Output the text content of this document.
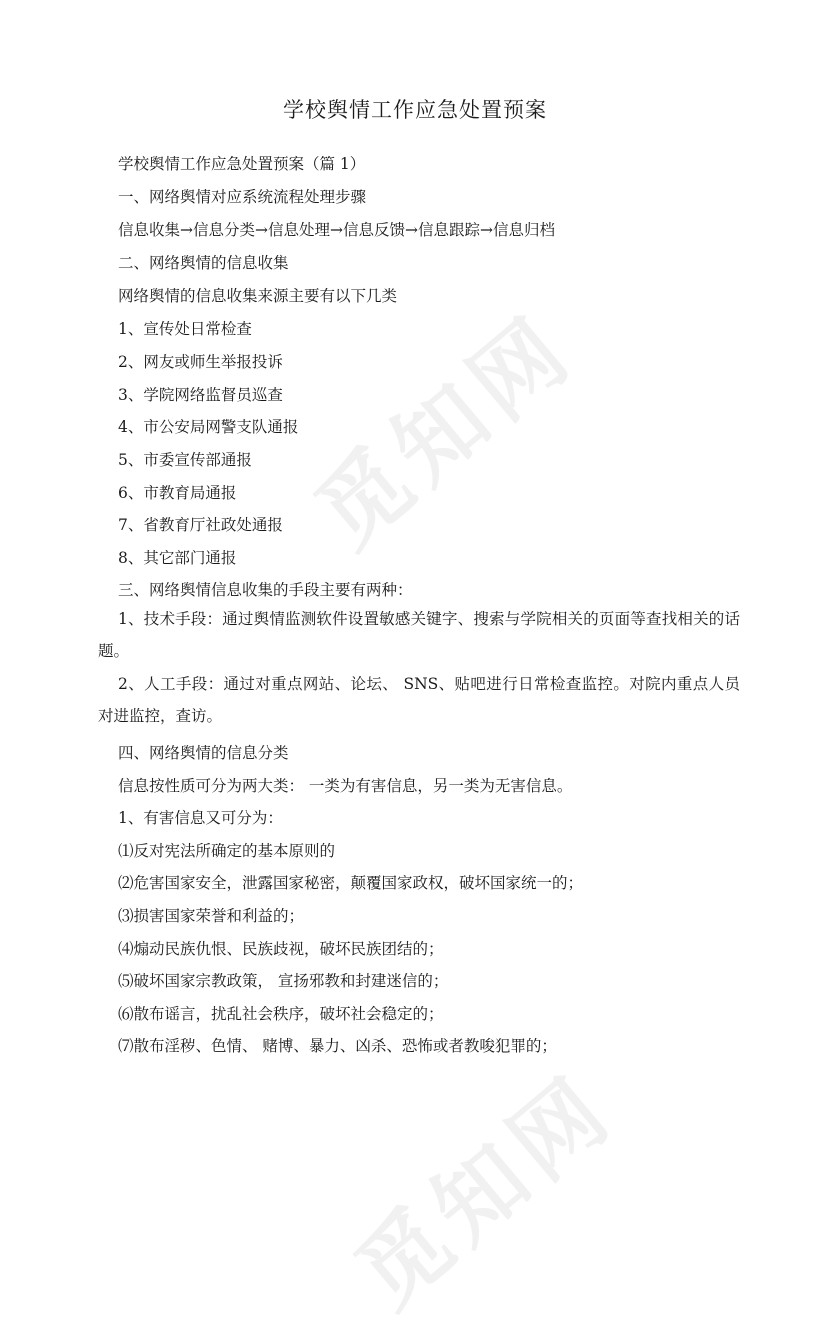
觅知网
觅知网
学校舆情工作应急处置预案
学校舆情工作应急处置预案（篇 1）
一、网络舆情对应系统流程处理步骤
信息收集→信息分类→信息处理→信息反馈→信息跟踪→信息归档
二、网络舆情的信息收集
网络舆情的信息收集来源主要有以下几类
1、宣传处日常检查
2、网友或师生举报投诉
3、学院网络监督员巡查
4、市公安局网警支队通报
5、市委宣传部通报
6、市教育局通报
7、省教育厅社政处通报
8、其它部门通报
三、网络舆情信息收集的手段主要有两种：
1、技术手段：通过舆情监测软件设置敏感关键字、搜索与学院相关的页面等查找相关的话题。
2、人工手段：通过对重点网站、论坛、 SNS、贴吧进行日常检查监控。对院内重点人员对进监控，查访。
四、网络舆情的信息分类
信息按性质可分为两大类： 一类为有害信息，另一类为无害信息。
1、有害信息又可分为：
⑴反对宪法所确定的基本原则的
⑵危害国家安全，泄露国家秘密，颠覆国家政权，破坏国家统一的；
⑶损害国家荣誉和利益的；
⑷煽动民族仇恨、民族歧视，破坏民族团结的；
⑸破坏国家宗教政策， 宣扬邪教和封建迷信的；
⑹散布谣言，扰乱社会秩序，破坏社会稳定的；
⑺散布淫秽、色情、 赌博、暴力、凶杀、恐怖或者教唆犯罪的；
